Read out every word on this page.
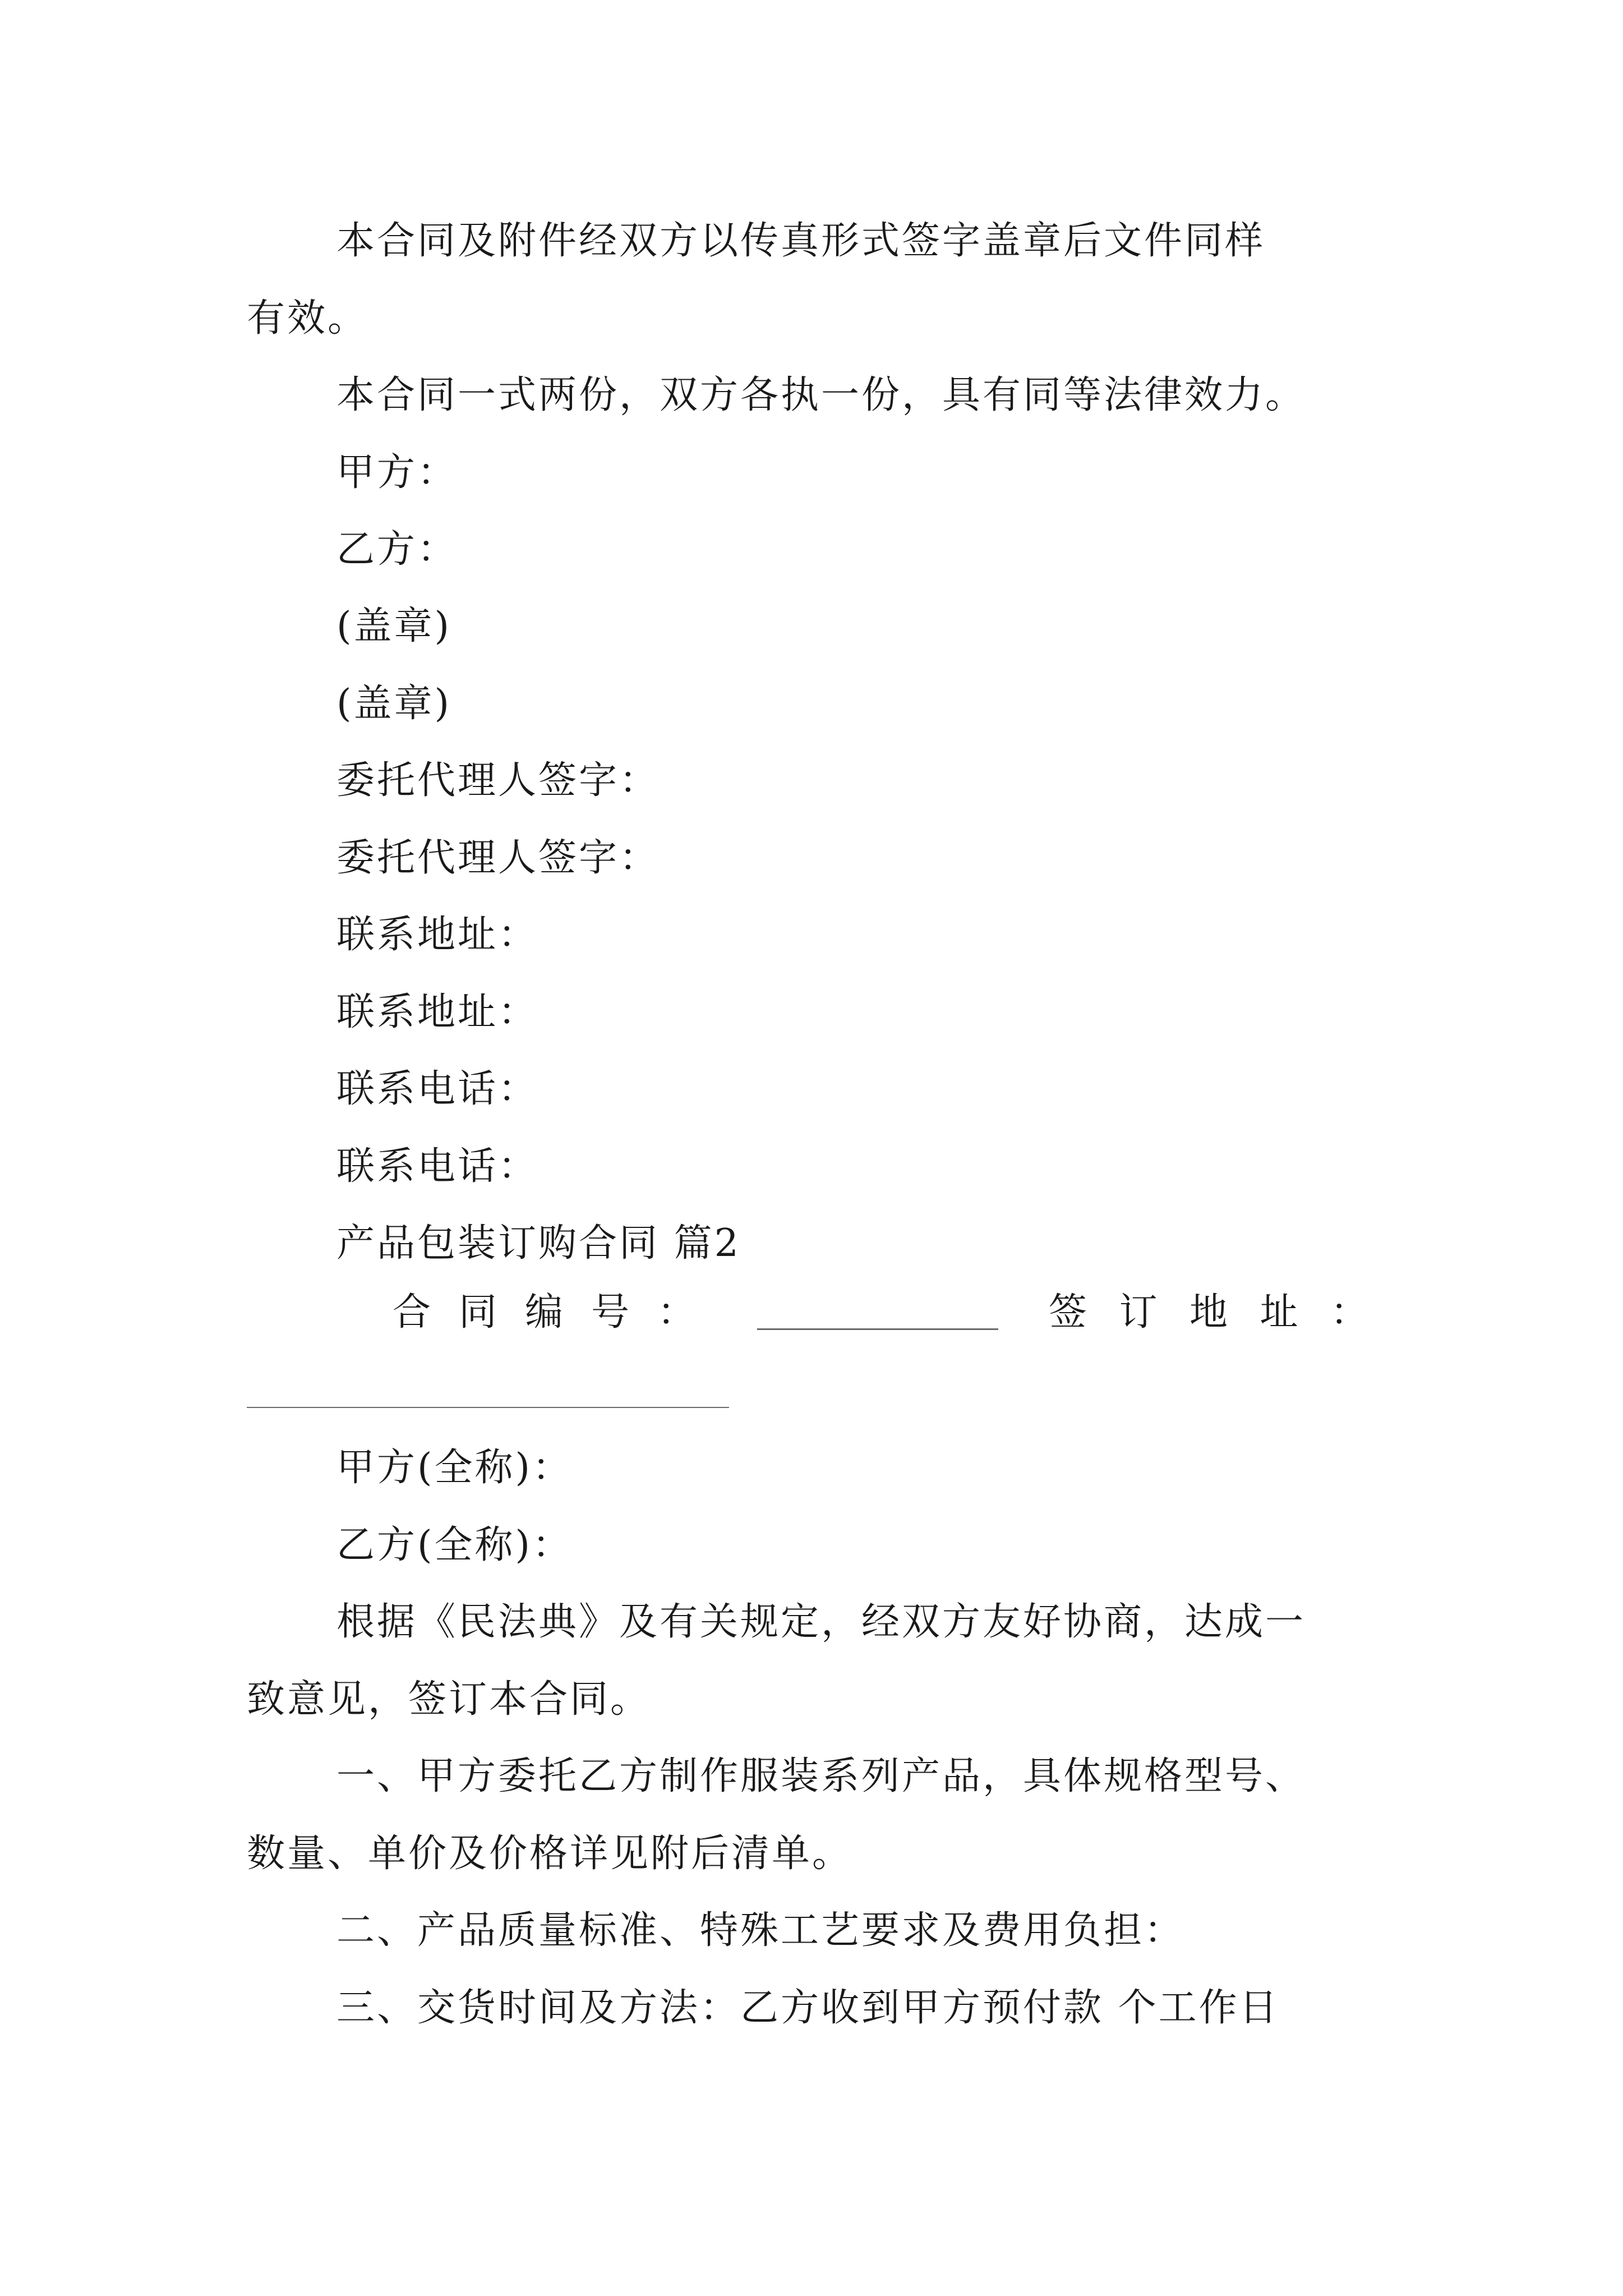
本合同及附件经双方以传真形式签字盖章后文件同样
有效。
本合同一式两份，双方各执一份，具有同等法律效力。
甲方：
乙方：
(盖章)
(盖章)
委托代理人签字：
委托代理人签字：
联系地址：
联系地址：
联系电话：
联系电话：
产品包装订购合同 篇2
合 同 编 号 ：	签 订 地 址 ：
甲方(全称)：
乙方(全称)：
根据《民法典》及有关规定，经双方友好协商，达成一
致意见，签订本合同。
一、甲方委托乙方制作服装系列产品，具体规格型号、
数量、单价及价格详见附后清单。
二、产品质量标准、特殊工艺要求及费用负担：
三、交货时间及方法：乙方收到甲方预付款 个工作日
